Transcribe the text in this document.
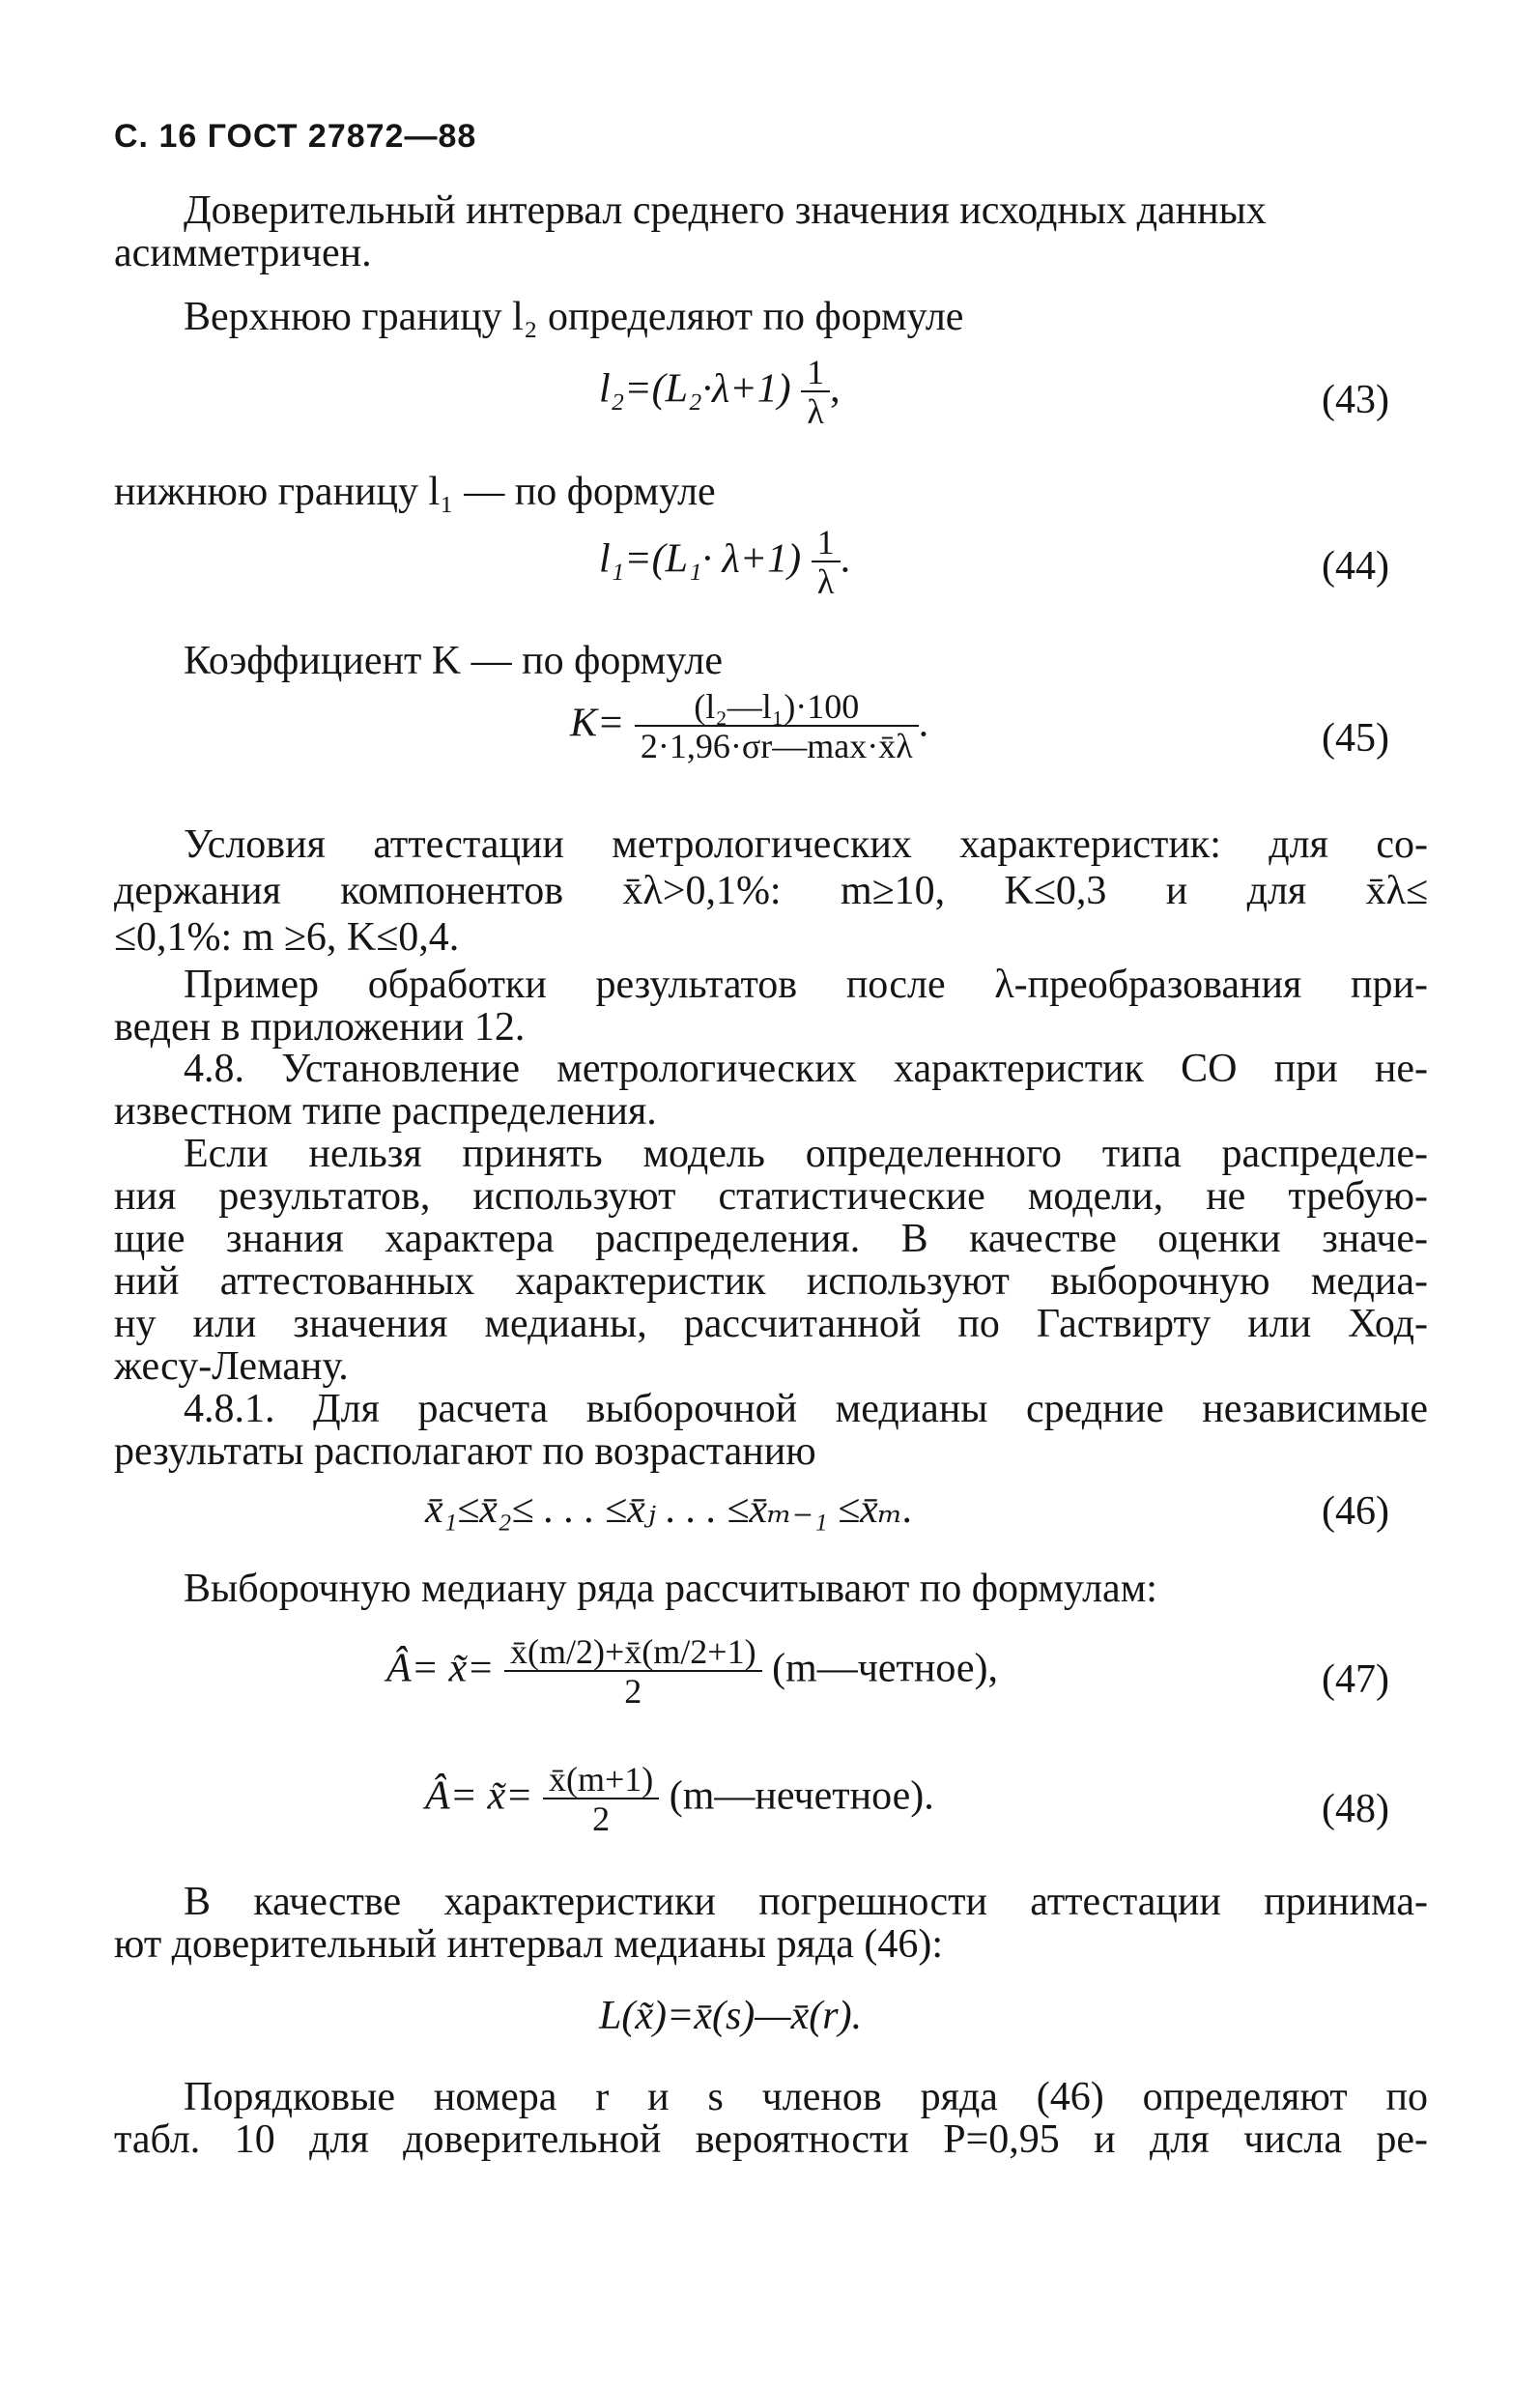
С. 16 ГОСТ 27872—88

Доверительный интервал среднего значения исходных данных асимметричен.

Верхнюю границу l₂ определяют по формуле
$l_2=(L_2\cdot\lambda+1) \frac{1}{\lambda}$ ,	(43)
нижнюю границу l₁ — по формуле
$l_1=(L_1\cdot \lambda+1) \frac{1}{\lambda}$ .	(44)
Коэффициент K — по формуле
$K= \frac{\text{(l₂—l₁)·100}}{2\cdot 1,96\cdot\sigma r—\max\cdot x̄\lambda}$ .	(45)
Условия аттестации метрологических характеристик: для со-
держания компонентов x̄λ>0,1%: m≥10, K≤0,3 и для x̄λ≤
≤0,1%: m ≥6, K≤0,4.
Пример обработки результатов после λ-преобразования при-
веден в приложении 12.
4.8. Установление метрологических характеристик СО при не-
известном типе распределения.
Если нельзя принять модель определенного типа распределе-
ния результатов, используют статистические модели, не требую-
щие знания характера распределения. В качестве оценки значе-
ний аттестованных характеристик используют выборочную медиа-
ну или значения медианы, рассчитанной по Гаствирту или Ход-
жесу-Леману.
4.8.1. Для расчета выборочной медианы средние независимые
результаты располагают по возрастанию
x̄₁≤x̄₂≤ . . . ≤x̄ⱼ . . . ≤x̄ₘ₋₁ ≤x̄ₘ.	(46)
Выборочную медиану ряда рассчитывают по формулам:
Â= x̃= $\frac{x̄(m/2)+x̄(m/2+1)}{2}$ (m—четное),	(47)
Â= x̃= $\frac{x̄(m+1)}{2}$ (m—нечетное).	(48)
В качестве характеристики погрешности аттестации принима-
ют доверительный интервал медианы ряда (46):
L(x̃)=x̄(s)—x̄(r).
Порядковые номера r и s членов ряда (46) определяют по
табл. 10 для доверительной вероятности P=0,95 и для числа ре-
